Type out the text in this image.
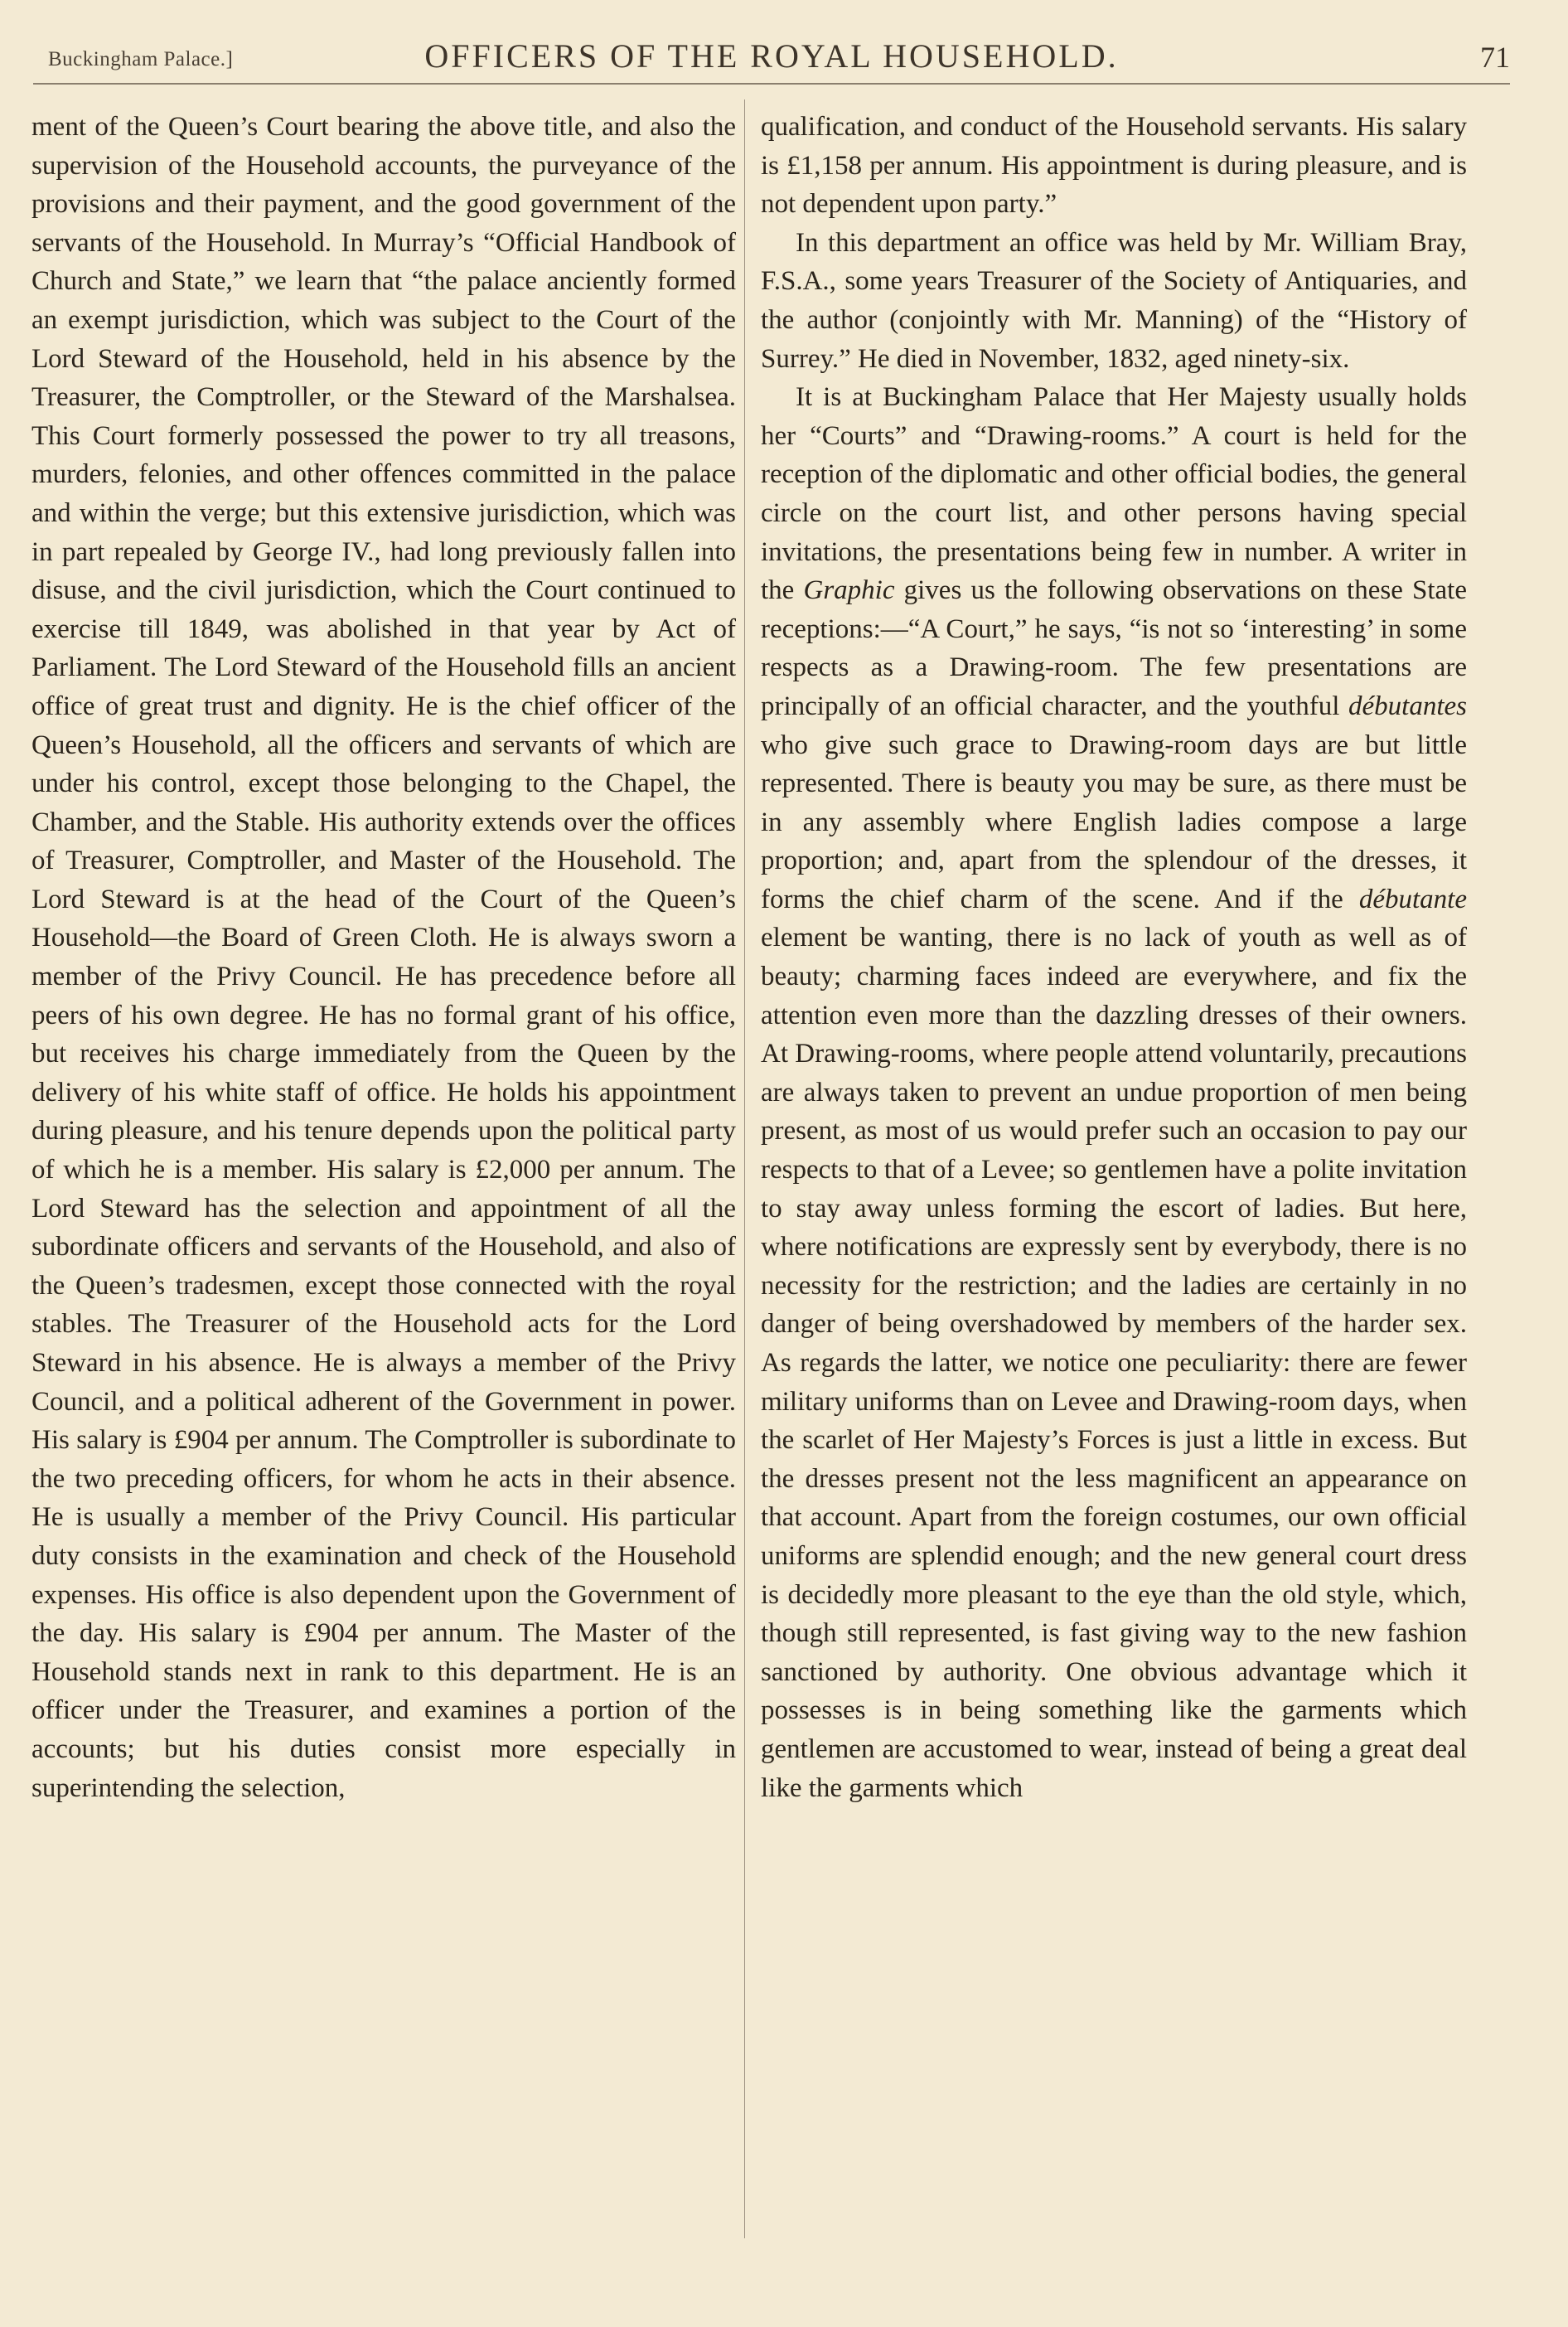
Buckingham Palace.]	OFFICERS OF THE ROYAL HOUSEHOLD.	71

ment of the Queen’s Court bearing the above title, and also the supervision of the Household accounts, the purveyance of the provisions and their payment, and the good government of the servants of the Household. In Murray’s “Official Handbook of Church and State,” we learn that “the palace anciently formed an exempt jurisdiction, which was subject to the Court of the Lord Steward of the Household, held in his absence by the Treasurer, the Comptroller, or the Steward of the Marshalsea. This Court formerly possessed the power to try all treasons, murders, felonies, and other offences committed in the palace and within the verge; but this extensive jurisdiction, which was in part repealed by George IV., had long previously fallen into disuse, and the civil jurisdiction, which the Court continued to exercise till 1849, was abolished in that year by Act of Parliament. The Lord Steward of the Household fills an ancient office of great trust and dignity. He is the chief officer of the Queen’s Household, all the officers and servants of which are under his control, except those belonging to the Chapel, the Chamber, and the Stable. His authority extends over the offices of Treasurer, Comptroller, and Master of the Household. The Lord Steward is at the head of the Court of the Queen’s Household—the Board of Green Cloth. He is always sworn a member of the Privy Council. He has precedence before all peers of his own degree. He has no formal grant of his office, but receives his charge immediately from the Queen by the delivery of his white staff of office. He holds his appointment during pleasure, and his tenure depends upon the political party of which he is a member. His salary is £2,000 per annum. The Lord Steward has the selection and appointment of all the subordinate officers and servants of the Household, and also of the Queen’s tradesmen, except those connected with the royal stables. The Treasurer of the Household acts for the Lord Steward in his absence. He is always a member of the Privy Council, and a political adherent of the Government in power. His salary is £904 per annum. The Comptroller is subordinate to the two preceding officers, for whom he acts in their absence. He is usually a member of the Privy Council. His particular duty consists in the examination and check of the Household expenses. His office is also dependent upon the Government of the day. His salary is £904 per annum. The Master of the Household stands next in rank to this department. He is an officer under the Treasurer, and examines a portion of the accounts; but his duties consist more especially in superintending the selection,

qualification, and conduct of the Household servants. His salary is £1,158 per annum. His appointment is during pleasure, and is not dependent upon party.”

In this department an office was held by Mr. William Bray, F.S.A., some years Treasurer of the Society of Antiquaries, and the author (conjointly with Mr. Manning) of the “History of Surrey.” He died in November, 1832, aged ninety-six.

It is at Buckingham Palace that Her Majesty usually holds her “Courts” and “Drawing-rooms.” A court is held for the reception of the diplomatic and other official bodies, the general circle on the court list, and other persons having special invitations, the presentations being few in number. A writer in the Graphic gives us the following observations on these State receptions:—“A Court,” he says, “is not so ‘interesting’ in some respects as a Drawing-room. The few presentations are principally of an official character, and the youthful débutantes who give such grace to Drawing-room days are but little represented. There is beauty you may be sure, as there must be in any assembly where English ladies compose a large proportion; and, apart from the splendour of the dresses, it forms the chief charm of the scene. And if the débutante element be wanting, there is no lack of youth as well as of beauty; charming faces indeed are everywhere, and fix the attention even more than the dazzling dresses of their owners. At Drawing-rooms, where people attend voluntarily, precautions are always taken to prevent an undue proportion of men being present, as most of us would prefer such an occasion to pay our respects to that of a Levee; so gentlemen have a polite invitation to stay away unless forming the escort of ladies. But here, where notifications are expressly sent by everybody, there is no necessity for the restriction; and the ladies are certainly in no danger of being overshadowed by members of the harder sex. As regards the latter, we notice one peculiarity: there are fewer military uniforms than on Levee and Drawing-room days, when the scarlet of Her Majesty’s Forces is just a little in excess. But the dresses present not the less magnificent an appearance on that account. Apart from the foreign costumes, our own official uniforms are splendid enough; and the new general court dress is decidedly more pleasant to the eye than the old style, which, though still represented, is fast giving way to the new fashion sanctioned by authority. One obvious advantage which it possesses is in being something like the garments which gentlemen are accustomed to wear, instead of being a great deal like the garments which
